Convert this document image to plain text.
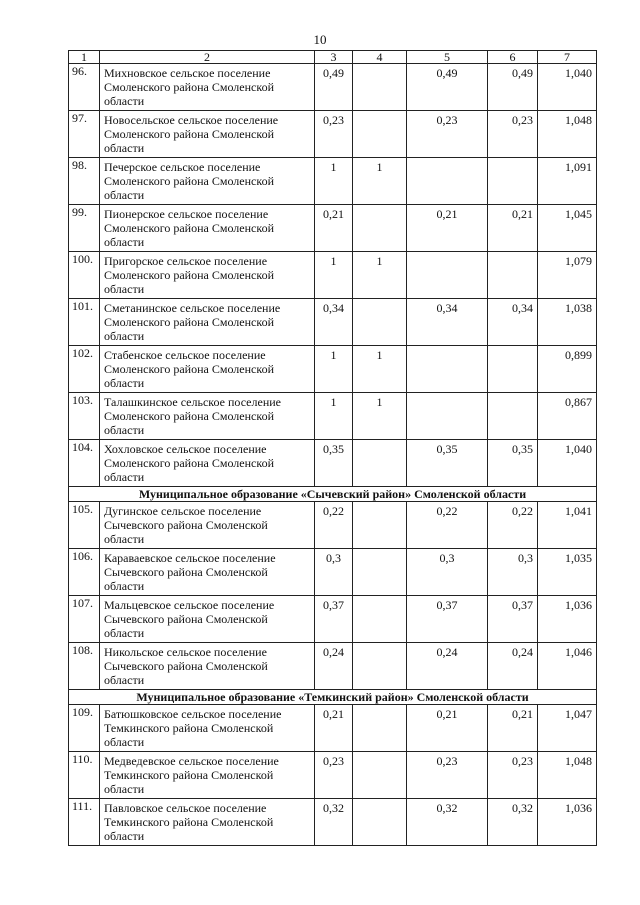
10
1	2	3	4	5	6	7
96.	Михновское сельское поселение Смоленского района Смоленской области	0,49		0,49	0,49	1,040
97.	Новосельское сельское поселение Смоленского района Смоленской области	0,23		0,23	0,23	1,048
98.	Печерское сельское поселение Смоленского района Смоленской области	1	1			1,091
99.	Пионерское сельское поселение Смоленского района Смоленской области	0,21		0,21	0,21	1,045
100.	Пригорское сельское поселение Смоленского района Смоленской области	1	1			1,079
101.	Сметанинское сельское поселение Смоленского района Смоленской области	0,34		0,34	0,34	1,038
102.	Стабенское сельское поселение Смоленского района Смоленской области	1	1			0,899
103.	Талашкинское сельское поселение Смоленского района Смоленской области	1	1			0,867
104.	Хохловское сельское поселение Смоленского района Смоленской области	0,35		0,35	0,35	1,040
Муниципальное образование «Сычевский район» Смоленской области						
105.	Дугинское сельское поселение Сычевского района Смоленской области	0,22		0,22	0,22	1,041
106.	Караваевское сельское поселение Сычевского района Смоленской области	0,3		0,3	0,3	1,035
107.	Мальцевское сельское поселение Сычевского района Смоленской области	0,37		0,37	0,37	1,036
108.	Никольское сельское поселение Сычевского района Смоленской области	0,24		0,24	0,24	1,046
Муниципальное образование «Темкинский район» Смоленской области						
109.	Батюшковское сельское поселение Темкинского района Смоленской области	0,21		0,21	0,21	1,047
110.	Медведевское сельское поселение Темкинского района Смоленской области	0,23		0,23	0,23	1,048
111.	Павловское сельское поселение Темкинского района Смоленской области	0,32		0,32	0,32	1,036
